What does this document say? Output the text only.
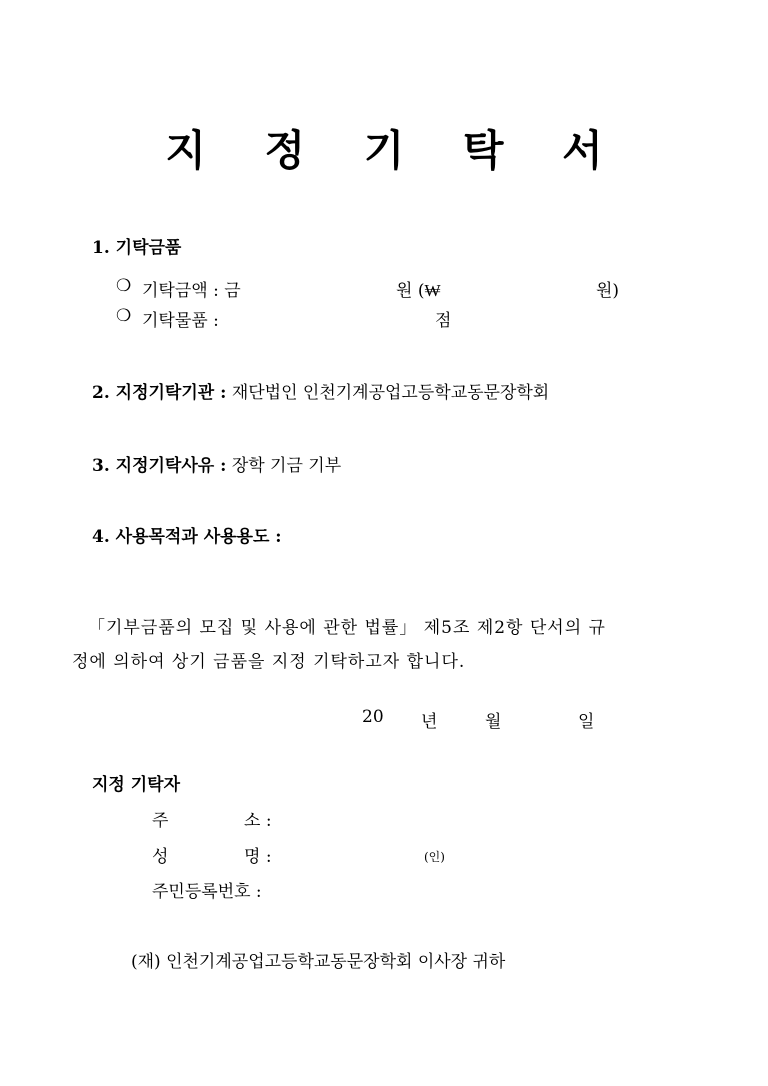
지 정 기 탁 서
1. 기탁금품
❍ 기탁금액 : 금	원 (₩	원)
❍ 기탁물품 :	점
2. 지정기탁기관 : 재단법인 인천기계공업고등학교동문장학회
3. 지정기탁사유 : 장학 기금 기부
4. 사용목적과 사용용도 :
「기부금품의 모집 및 사용에 관한 법률」 제5조 제2항 단서의 규
정에 의하여 상기 금품을 지정 기탁하고자 합니다.
20 년	월	일
지정 기탁자
주	소 :
성	명 :	(인)
주민등록번호 :
(재) 인천기계공업고등학교동문장학회 이사장 귀하
